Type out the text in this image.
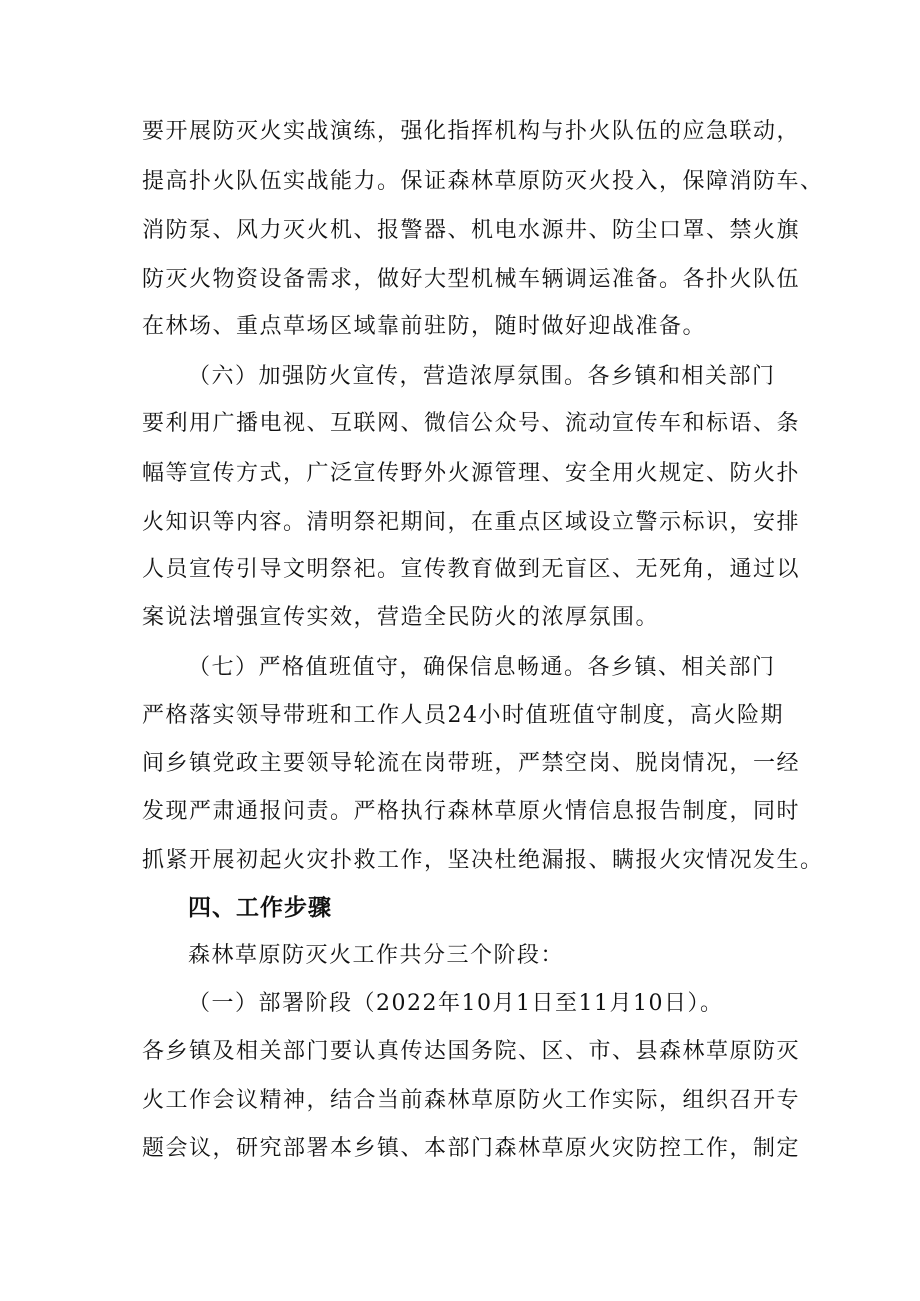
要开展防灭火实战演练，强化指挥机构与扑火队伍的应急联动，
提高扑火队伍实战能力。保证森林草原防灭火投入，保障消防车、
消防泵、风力灭火机、报警器、机电水源井、防尘口罩、禁火旗
防灭火物资设备需求，做好大型机械车辆调运准备。各扑火队伍
在林场、重点草场区域靠前驻防，随时做好迎战准备。
（六）加强防火宣传，营造浓厚氛围。各乡镇和相关部门
要利用广播电视、互联网、微信公众号、流动宣传车和标语、条
幅等宣传方式，广泛宣传野外火源管理、安全用火规定、防火扑
火知识等内容。清明祭祀期间，在重点区域设立警示标识，安排
人员宣传引导文明祭祀。宣传教育做到无盲区、无死角，通过以
案说法增强宣传实效，营造全民防火的浓厚氛围。
（七）严格值班值守，确保信息畅通。各乡镇、相关部门
严格落实领导带班和工作人员24小时值班值守制度，高火险期
间乡镇党政主要领导轮流在岗带班，严禁空岗、脱岗情况，一经
发现严肃通报问责。严格执行森林草原火情信息报告制度，同时
抓紧开展初起火灾扑救工作，坚决杜绝漏报、瞒报火灾情况发生。
四、工作步骤
森林草原防灭火工作共分三个阶段：
（一）部署阶段（2022年10月1日至11月10日）。
各乡镇及相关部门要认真传达国务院、区、市、县森林草原防灭
火工作会议精神，结合当前森林草原防火工作实际，组织召开专
题会议，研究部署本乡镇、本部门森林草原火灾防控工作，制定
